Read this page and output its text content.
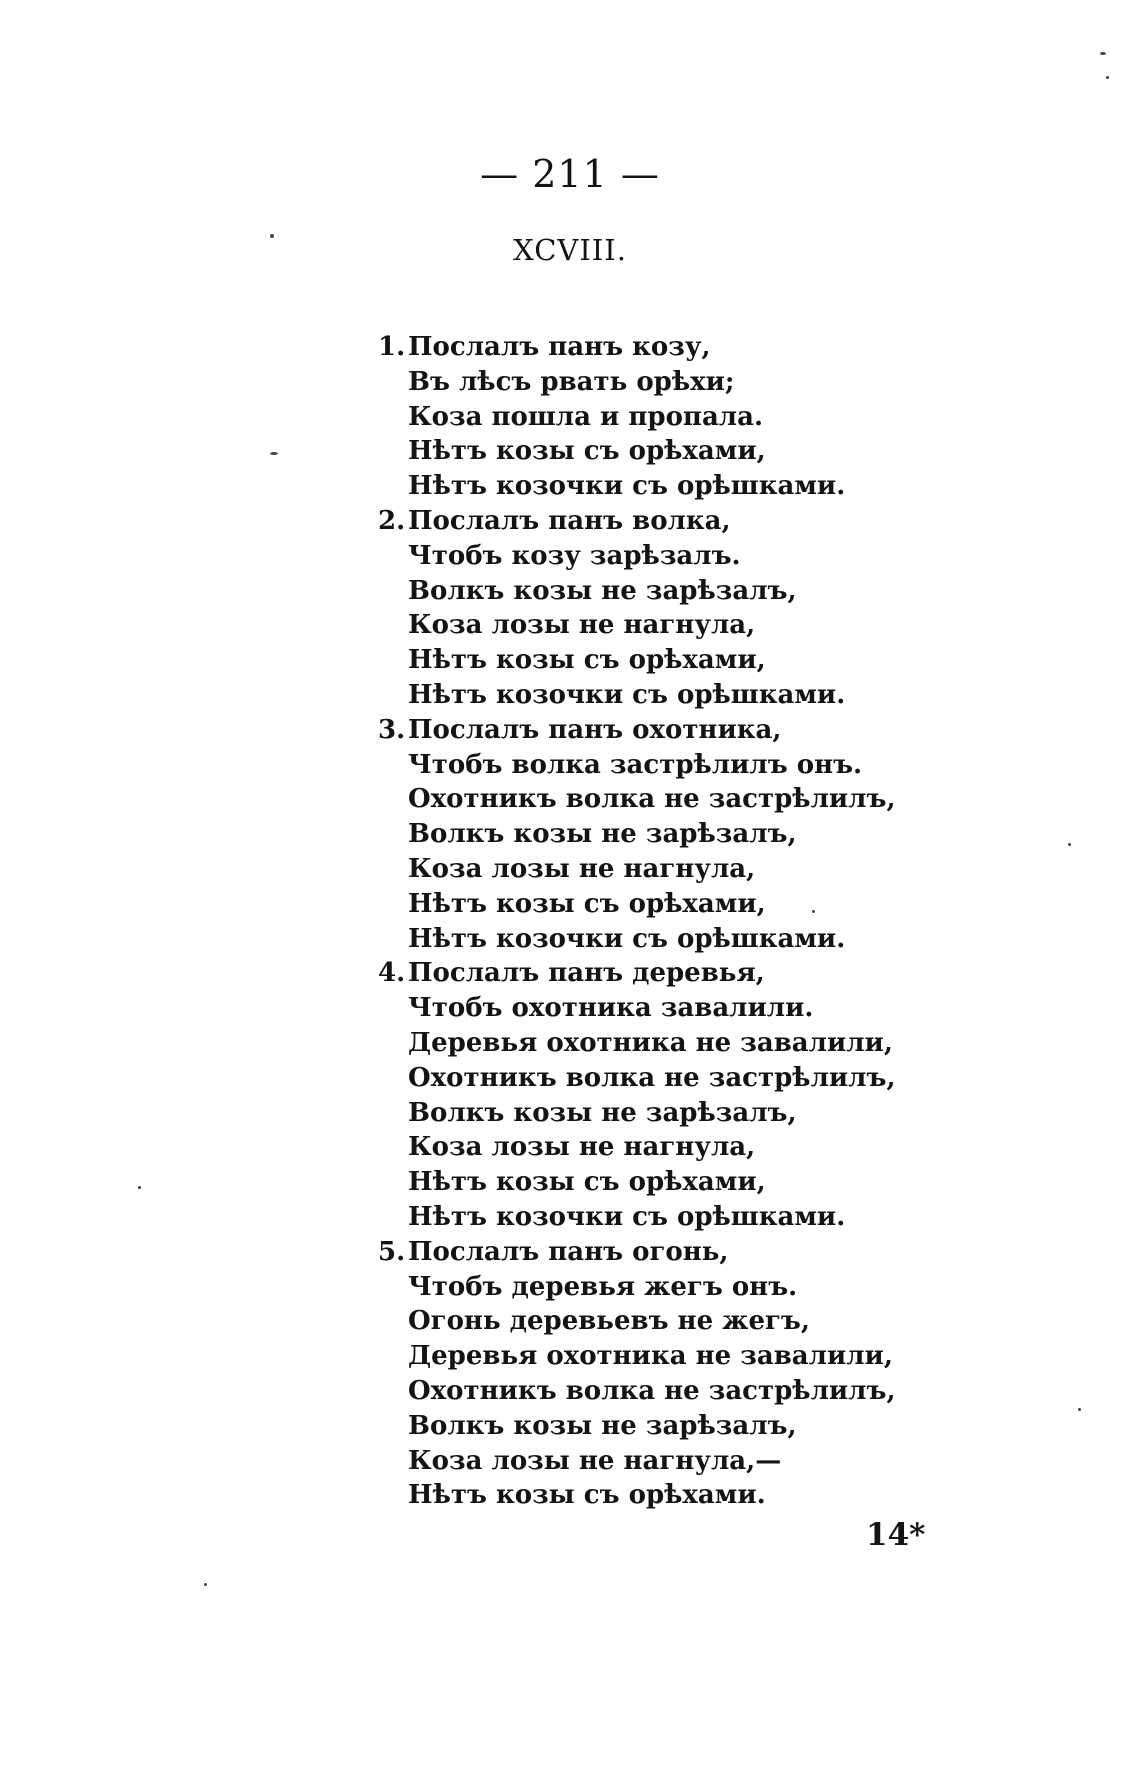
— 211 —
XCVIII.
1. Послалъ панъ козу,
Въ лѣсъ рвать орѣхи;
Коза пошла и пропала.
Нѣтъ козы съ орѣхами,
Нѣтъ козочки съ орѣшками.
2. Послалъ панъ волка,
Чтобъ козу зарѣзалъ.
Волкъ козы не зарѣзалъ,
Коза лозы не нагнула,
Нѣтъ козы съ орѣхами,
Нѣтъ козочки съ орѣшками.
3. Послалъ панъ охотника,
Чтобъ волка застрѣлилъ онъ.
Охотникъ волка не застрѣлилъ,
Волкъ козы не зарѣзалъ,
Коза лозы не нагнула,
Нѣтъ козы съ орѣхами,
Нѣтъ козочки съ орѣшками.
4. Послалъ панъ деревья,
Чтобъ охотника завалили.
Деревья охотника не завалили,
Охотникъ волка не застрѣлилъ,
Волкъ козы не зарѣзалъ,
Коза лозы не нагнула,
Нѣтъ козы съ орѣхами,
Нѣтъ козочки съ орѣшками.
5. Послалъ панъ огонь,
Чтобъ деревья жегъ онъ.
Огонь деревьевъ не жегъ,
Деревья охотника не завалили,
Охотникъ волка не застрѣлилъ,
Волкъ козы не зарѣзалъ,
Коза лозы не нагнула,—
Нѣтъ козы съ орѣхами.
14*
